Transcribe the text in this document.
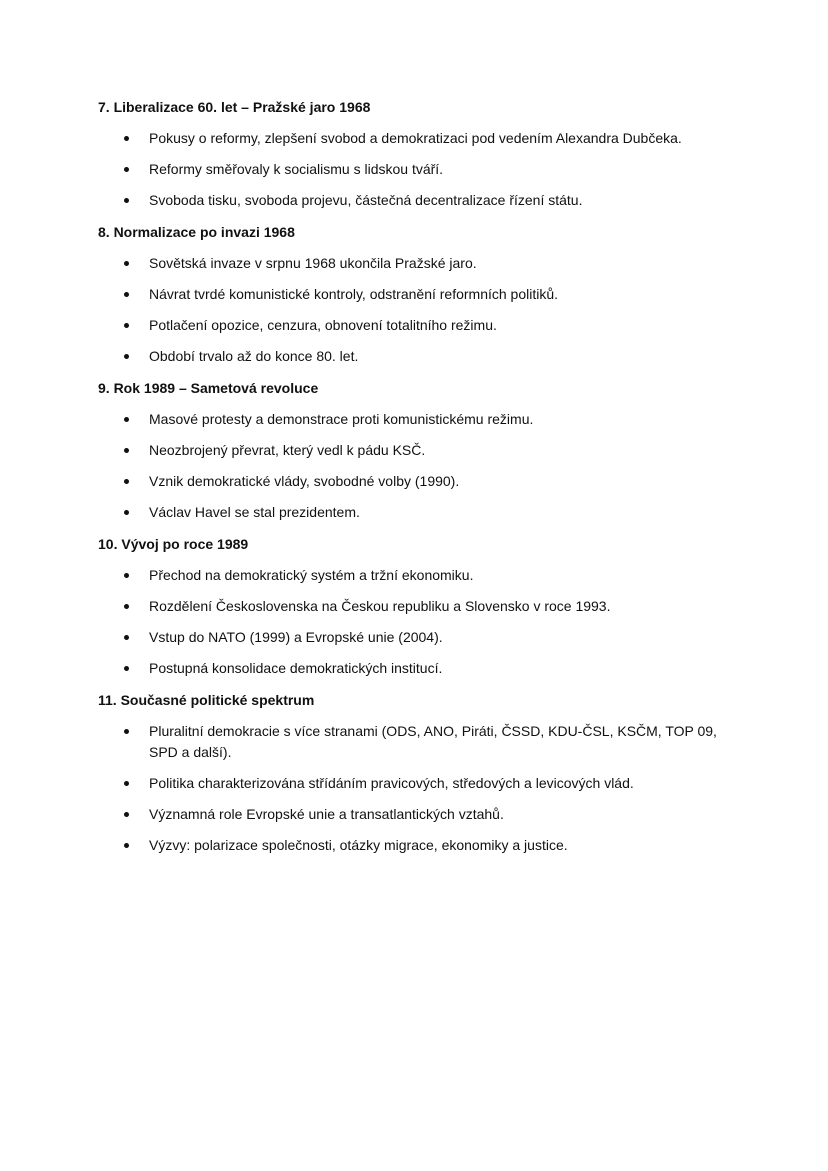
7. Liberalizace 60. let – Pražské jaro 1968
Pokusy o reformy, zlepšení svobod a demokratizaci pod vedením Alexandra Dubčeka.
Reformy směřovaly k socialismu s lidskou tváří.
Svoboda tisku, svoboda projevu, částečná decentralizace řízení státu.
8. Normalizace po invazi 1968
Sovětská invaze v srpnu 1968 ukončila Pražské jaro.
Návrat tvrdé komunistické kontroly, odstranění reformních politiků.
Potlačení opozice, cenzura, obnovení totalitního režimu.
Období trvalo až do konce 80. let.
9. Rok 1989 – Sametová revoluce
Masové protesty a demonstrace proti komunistickému režimu.
Neozbrojený převrat, který vedl k pádu KSČ.
Vznik demokratické vlády, svobodné volby (1990).
Václav Havel se stal prezidentem.
10. Vývoj po roce 1989
Přechod na demokratický systém a tržní ekonomiku.
Rozdělení Československa na Českou republiku a Slovensko v roce 1993.
Vstup do NATO (1999) a Evropské unie (2004).
Postupná konsolidace demokratických institucí.
11. Současné politické spektrum
Pluralitní demokracie s více stranami (ODS, ANO, Piráti, ČSSD, KDU-ČSL, KSČM, TOP 09, SPD a další).
Politika charakterizována střídáním pravicových, středových a levicových vlád.
Významná role Evropské unie a transatlantických vztahů.
Výzvy: polarizace společnosti, otázky migrace, ekonomiky a justice.
